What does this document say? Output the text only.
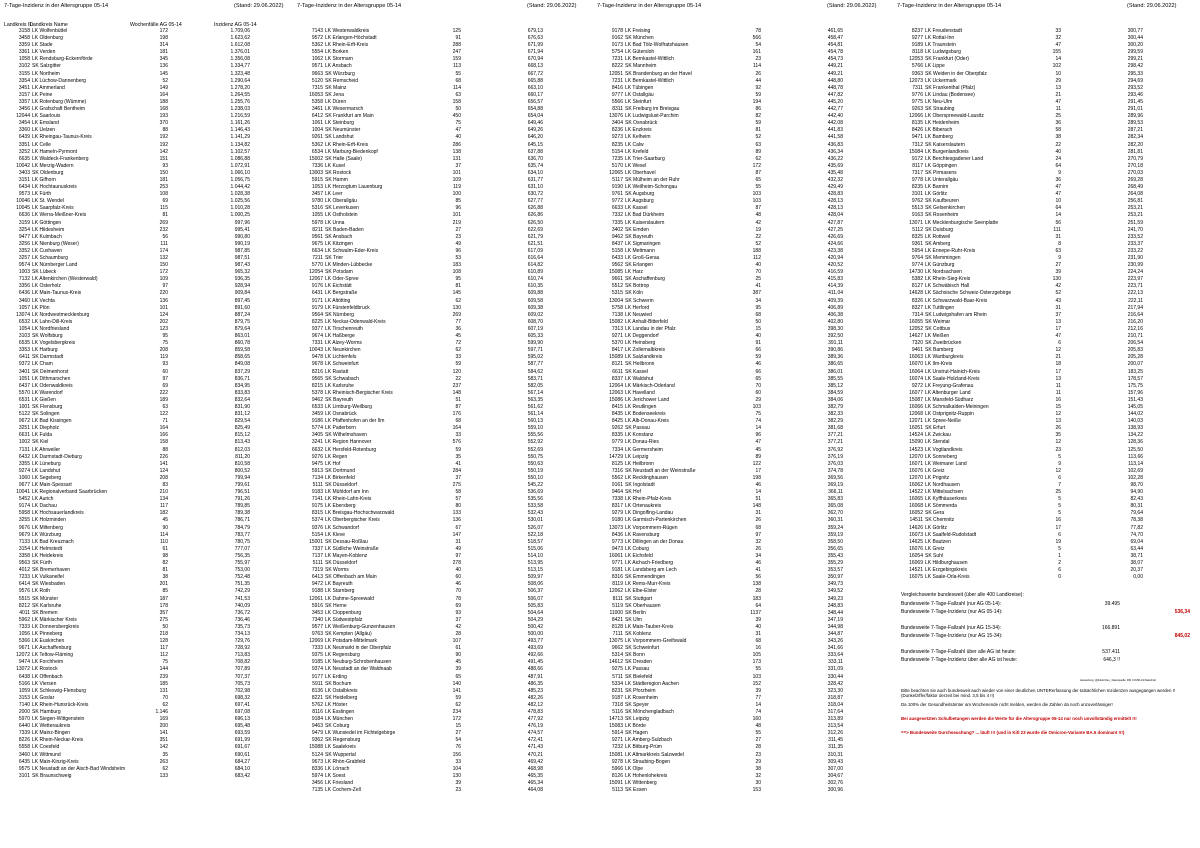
7-Tage-Inzidenz in der Altersgruppe 05-14	(Stand: 29.06.2022)
Landkreis ID
Landkreis Name	Wochenfälle AG 05-14	Inzidenz AG 05-14
3158 LK Wolfenbüttel	172	1.709,06
3458 LK Oldenburg	198	1.623,62
3359 LK Stade	314	1.612,08
3361 LK Verden	181	1.376,01
1058 LK Rendsburg-Eckernförde	345	1.356,08
3102 SK Salzgitter	136	1.334,77
3155 LK Northeim	145	1.323,48
3354 LK Lüchow-Dannenberg	52	1.290,64
3451 LK Ammerland	149	1.278,20
3157 LK Peine	164	1.264,55
3357 LK Rotenburg (Wümme)	188	1.255,76
3456 LK Grafschaft Bentheim	168	1.238,03
12044 LK Saarlouis	193	1.216,59
3454 LK Emsland	370	1.161,26
3360 LK Uelzen	88	1.146,43
6439 LK Rheingau-Taunus-Kreis	192	1.141,29
3351 LK Celle	192	1.134,82
3252 LK Hameln-Pyrmont	142	1.102,57
6635 LK Waldeck-Frankenberg	151	1.086,88
10042 LK Merzig-Wadern	93	1.072,91
3403 SK Oldenburg	150	1.066,10
3151 LK Gifhorn	181	1.056,75
6434 LK Hochtaunuskreis	253	1.044,42
9573 LK Fürth	108	1.028,38
10046 LK St. Wendel	69	1.025,56
10045 LK Saarpfalz-Kreis	115	1.010,28
6636 LK Werra-Meißner-Kreis	81	1.000,25
3159 LK Göttingen	269	997,96
3254 LK Hildesheim	232	995,41
9477 LK Kulmbach	56	990,80
3256 LK Nienburg (Weser)	111	990,19
3352 LK Cuxhaven	174	987,85
3257 LK Schaumburg	132	987,51
9574 LK Nürnberger Land	150	987,43
1003 SK Lübeck	172	965,32
7132 LK Altenkirchen (Westerwald)	109	936,35
3356 LK Osterholz	97	928,94
6436 LK Main-Taunus-Kreis	220	909,84
3460 LK Vechta	136	897,45
1057 LK Plön	101	891,60
13074 LK Nordwestmecklenburg	124	887,24
6532 LK Lahn-Dill-Kreis	202	879,75
1054 LK Nordfriesland	123	879,64
3103 SK Wolfsburg	95	863,01
6535 LK Vogelsbergkreis	75	860,78
3353 LK Harburg	208	859,58
6411 SK Darmstadt	119	858,65
9372 LK Cham	93	849,08
3401 SK Delmenhorst	60	837,29
1051 LK Dithmarschen	97	836,71
6437 LK Odenwaldkreis	69	834,95
5570 LK Warendorf	222	833,83
6531 LK Gießen	189	832,64
1001 SK Flensburg	63	831,90
5122 SK Solingen	122	831,12
9672 LK Bad Kissingen	71	829,54
3251 LK Diepholz	164	825,49
6631 LK Fulda	166	815,12
1002 SK Kiel	158	813,43
7131 LK Ahrweiler	88	812,03
6432 LK Darmstadt-Dieburg	226	811,20
3355 LK Lüneburg	141	810,58
9274 LK Landshut	124	800,52
1060 LK Segeberg	208	799,94
9677 LK Main-Spessart	83	799,61
10041 LK Regionalverband Saarbrücken	210	796,51
5452 LK Aurich	134	791,26
9174 LK Dachau	117	789,85
5958 LK Hochsauerlandkreis	182	789,38
3255 LK Holzminden	45	786,71
9676 LK Miltenberg	90	784,79
9679 LK Würzburg	114	783,77
7133 LK Bad Kreuznach	110	780,75
3154 LK Helmstedt	61	777,07
3358 LK Heidekreis	98	756,35
9563 SK Fürth	82	755,97
4012 SK Bremerhaven	81	753,00
7233 LK Vulkaneifel	38	752,48
6414 SK Wiesbaden	201	751,35
9576 LK Roth	85	742,29
5515 SK Münster	187	741,53
8212 SK Karlsruhe	178	740,09
4011 SK Bremen	357	736,72
5962 LK Märkischer Kreis	275	736,46
7333 LK Donnersbergkreis	50	735,73
1056 LK Pinneberg	218	734,13
5366 LK Euskirchen	128	729,76
9671 LK Aschaffenburg	117	728,92
12072 LK Teltow-Fläming	112	713,83
9474 LK Forchheim	75	708,82
13072 LK Rostock	144	707,89
6438 LK Offenbach	239	707,37
5166 LK Viersen	185	705,73
1059 LK Schleswig-Flensburg	131	702,98
3153 LK Goslar	70	698,32
7140 LK Rhein-Hunsrück-Kreis	62	697,41
2000 SK Hamburg	1.146	697,08
5970 LK Siegen-Wittgenstein	169	696,13
6440 LK Wetteraukreis	200	695,48
7339 LK Mainz-Bingen	141	693,59
8226 LK Rhein-Neckar-Kreis	351	691,99
5558 LK Coesfeld	142	691,67
3460 LK Wittmund	35	690,61
6435 LK Main-Kinzig-Kreis	263	684,27
9575 LK Neustadt an der Aisch-Bad Windsheim	62	684,10
3101 SK Braunschweig	133	683,42
7-Tage-Inzidenz in der Altersgruppe 05-14	(Stand: 29.06.2022)
7143 LK Westerwaldkreis	125	679,13
9572 LK Erlangen-Höchstadt	91	676,63
5362 LK Rhein-Erft-Kreis	288	671,99
5554 LK Borken	247	671,94
1062 LK Stormarn	159	670,94
9571 LK Ansbach	113	668,13
9663 SK Würzburg	55	667,72
5120 SK Remscheid	68	665,88
7315 SK Mainz	114	663,10
16053 SK Jena	63	660,17
5358 LK Düren	158	656,57
3461 LK Wesermarsch	50	654,88
6412 SK Frankfurt am Main	450	654,04
1061 LK Steinburg	75	649,46
1004 SK Neumünster	47	649,26
9261 SK Landshut	40	646,20
5362 LK Rhein-Erft-Kreis	286	645,15
6534 LK Marburg-Biedenkopf	138	637,88
15002 SK Halle (Saale)	131	636,70
7336 LK Kusel	37	635,74
13003 SK Rostock	101	634,10
5915 SK Hamm	109	631,77
1053 LK Herzogtum Lauenburg	119	631,10
3457 LK Leer	100	630,72
9780 LK Oberallgäu	85	627,77
5316 SK Leverkusen	96	626,88
1055 LK Ostholstein	101	626,86
5978 LK Unna	219	626,50
8211 SK Baden-Baden	27	622,69
9561 SK Ansbach	23	621,79
9675 LK Kitzingen	49	621,51
6634 LK Schwalm-Eder-Kreis	96	617,09
7211 SK Trier	53	616,64
5770 LK Minden-Lübbecke	183	614,82
12054 SK Potsdam	108	610,89
12067 LK Oder-Spree	95	610,74
9176 LK Eichstätt	81	610,35
6431 LK Bergstraße	145	609,88
9171 LK Altötting	62	609,58
9179 LK Fürstenfeldbruck	130	609,38
9564 SK Nürnberg	269	609,02
8225 LK Neckar-Odenwald-Kreis	77	608,70
9377 LK Tirschenreuth	36	607,19
9674 LK Haßberge	45	605,33
7331 LK Alzey-Worms	72	599,90
10043 LK Neunkirchen	62	597,71
9478 LK Lichtenfels	33	595,02
9678 LK Schweinfurt	59	587,77
8216 LK Rastatt	120	584,62
9565 SK Schwabach	22	583,71
8215 LK Karlsruhe	237	582,05
5378 LK Rheinisch-Bergischer Kreis	148	567,14
9462 SK Bayreuth	51	563,35
6533 LK Limburg-Weilburg	87	561,62
3459 LK Osnabrück	176	561,14
9186 LK Pfaffenhofen an der Ilm	68	560,13
5774 LK Paderborn	164	559,10
3405 SK Wilhelmshaven	33	555,56
3241 LK Region Hannover	576	552,92
6632 LK Hersfeld-Rotenburg	59	552,69
9276 LK Regen	35	550,75
9475 LK Hof	41	550,63
5913 SK Dortmund	284	550,19
7134 LK Birkenfeld	37	550,10
5111 SK Düsseldorf	275	545,22
9183 LK Mühldorf am Inn	58	536,69
7141 LK Rhein-Lahn-Kreis	57	535,56
9175 LK Ebersberg	80	533,58
8315 LK Breisgau-Hochschwarzwald	133	532,43
5374 LK Oberbergischer Kreis	136	530,01
9376 LK Schwandorf	67	526,07
5154 LK Kleve	147	522,18
15001 SK Dessau-Roßlau	31	518,57
7337 LK Südliche Weinstraße	49	515,06
7137 LK Mayen-Koblenz	97	514,10
5111 SK Düsseldorf	278	513,95
7319 SK Worms	40	513,15
6413 SK Offenbach am Main	60	509,97
9472 LK Bayreuth	46	508,06
9188 LK Starnberg	70	506,37
12061 LK Dahme-Spreewald	78	506,07
5916 SK Herne	69	505,83
3453 LK Cloppenburg	93	504,64
7340 LK Südwestpfalz	37	504,29
9577 LK Weißenburg-Gunzenhausen	42	500,42
9763 SK Kempten (Allgäu)	28	500,00
12069 LK Potsdam-Mittelmark	107	493,77
7333 LK Neumarkt in der Oberpfalz	61	493,69
9375 LK Regensburg	90	492,66
9185 LK Neuburg-Schrobenhausen	45	491,45
9374 LK Neustadt an der Waldnaab	39	488,66
9177 LK Erding	65	487,91
5911 SK Bochum	140	486,35
8136 LK Ostalbkreis	141	485,23
8221 SK Heidelberg	59	482,26
5762 LK Höxter	62	482,12
8116 LK Esslingen	234	478,83
9184 LK München	172	477,92
9463 SK Coburg	15	476,19
9479 LK Wunsiedel im Fichtelgebirge	27	474,57
9362 SK Regensburg	54	472,41
15088 LK Saalekreis	76	471,43
5124 SK Wuppertal	156	470,21
9673 LK Rhön-Grabfeld	33	469,42
8336 LK Lörrach	104	468,98
5974 LK Soest	130	465,35
3456 LK Friesland	39	465,34
7135 LK Cochem-Zell	23	464,08
7-Tage-Inzidenz in der Altersgruppe 05-14	(Stand: 29.06.2022)
9178 LK Freising	78	461,65
9162 SK München	566	458,47
9173 LK Bad Tölz-Wolfratshausen	54	454,81
5754 LK Gütersloh	161	454,78
7231 LK Bernkastel-Wittlich	23	454,73
8222 SK Mannheim	114	449,21
12051 SK Brandenburg an der Havel	26	449,21
7231 LK Bernkastel-Wittlich	44	448,80
8416 LK Tübingen	92	448,78
9777 LK Ostallgäu	59	447,82
5566 LK Steinfurt	194	445,20
8311 SK Freiburg im Breisgau	86	442,77
13076 LK Ludwigslust-Parchim	82	442,40
3404 SK Osnabrück	59	442,08
8236 LK Enzkreis	81	441,83
9273 LK Kelheim	52	441,58
8235 LK Calw	63	436,83
5154 LK Krefeld	89	436,34
7235 LK Trier-Saarburg	62	436,22
5170 LK Wesel	172	435,69
12065 LK Oberhavel	87	435,48
5117 SK Mülheim an der Ruhr	65	432,32
9190 LK Weilheim-Schongau	55	429,49
9761 SK Augsburg	103	428,83
9772 LK Augsburg	103	428,13
6633 LK Kassel	87	428,13
7332 LK Bad Dürkheim	48	428,04
7335 LK Kaiserslautern	42	427,87
3402 SK Emden	19	427,25
9462 SK Bayreuth	22	426,69
8437 LK Sigmaringen	52	424,66
5158 LK Mettmann	188	423,38
6433 LK Groß-Gerau	112	420,94
9562 SK Erlangen	40	420,52
15085 LK Harz	70	416,59
9661 SK Aschaffenburg	25	415,83
5512 SK Bottrop	41	414,39
5315 SK Köln	387	411,04
13004 SK Schwerin	34	409,39
5758 LK Herford	95	406,89
7138 LK Neuwied	68	406,38
15082 LK Anhalt-Bitterfeld	50	402,80
7313 LK Landau in der Pfalz	15	398,30
9271 LK Deggendorf	40	392,50
5370 LK Heinsberg	91	391,11
8417 LK Zollernalbkreis	66	390,86
15089 LK Salzlandkreis	59	389,36
8121 SK Heilbronn	46	386,65
6611 SK Kassel	66	386,01
8337 LK Waldshut	65	385,55
12064 LK Märkisch-Oderland	70	385,12
12063 LK Havelland	60	384,59
15086 LK Jerichower Land	29	384,06
8415 LK Reutlingen	103	382,79
8435 LK Bodenseekreis	75	382,33
8425 LK Alb-Donau-Kreis	74	382,29
9262 SK Passau	14	381,68
8335 LK Konstanz	96	377,21
9779 LK Donau-Ries	47	377,21
7334 LK Germersheim	45	376,92
14729 LK Leipzig	89	376,19
8125 LK Heilbronn	122	376,03
7316 SK Neustadt an der Weinstraße	17	374,78
5562 LK Recklinghausen	198	369,56
9161 SK Ingolstadt	46	369,19
9464 SK Hof	14	366,11
7338 LK Rhein-Pfalz-Kreis	51	365,83
8317 LK Ortenaukreis	148	365,08
9279 LK Dingolfing-Landau	31	362,70
9180 LK Garmisch-Partenkirchen	26	360,31
13073 LK Vorpommern-Rügen	68	359,24
8436 LK Ravensburg	97	359,19
9773 LK Dillingen an der Donau	32	358,50
9473 LK Coburg	26	356,65
16061 LK Eichsfeld	34	355,43
9771 LK Aichach-Friedberg	46	355,29
9181 LK Landsberg am Lech	41	353,57
8316 SK Emmendingen	56	350,97
8119 LK Rems-Murr-Kreis	138	349,73
12062 LK Elbe-Elster	28	349,52
8111 SK Stuttgart	183	349,23
5119 SK Oberhausen	64	348,83
11000 SK Berlin	1137	348,44
8421 SK Ulm	39	347,19
8128 LK Main-Tauber-Kreis	40	344,98
7111 SK Koblenz	31	344,87
13075 LK Vorpommern-Greifswald	68	343,26
9662 SK Schweinfurt	16	341,66
5314 SK Bonn	105	333,64
14612 SK Dresden	173	333,11
9275 LK Passau	55	331,09
5711 SK Bielefeld	103	330,44
5334 LK Städteregion Aachen	152	328,42
8231 SK Pforzheim	39	323,30
9187 LK Rosenheim	77	318,87
7318 SK Speyer	14	318,04
5116 SK Mönchengladbach	74	317,64
14713 SK Leipzig	160	313,89
15083 LK Börde	48	313,54
5914 SK Hagen	55	312,26
9271 LK Amberg-Sulzbach	27	311,45
7232 LK Bitburg-Prüm	28	311,35
15081 LK Altmarkkreis Salzwedel	23	310,31
9278 LK Straubing-Bogen	29	309,43
5966 LK Olpe	38	307,00
8126 LK Hohenlohekreis	32	304,67
15091 LK Wittenberg	30	302,76
5113 SK Essen	153	300,96
7-Tage-Inzidenz in der Altersgruppe 05-14	(Stand: 29.06.2022)
8237 LK Freudenstadt	33	300,77
9277 LK Rottal-Inn	32	300,44
9189 LK Traunstein	47	300,20
8118 LK Ludwigsburg	155	299,59
12053 SK Frankfurt (Oder)	14	299,21
5766 LK Lippe	102	298,42
9363 SK Weiden in der Oberpfalz	10	295,33
12073 LK Uckermark	29	294,69
7311 SK Frankenthal (Pfalz)	13	293,52
9776 LK Lindau (Bodensee)	21	293,46
9775 LK Neu-Ulm	47	291,45
9263 SK Straubing	11	291,01
12066 LK Oberspreewald-Lausitz	25	289,96
8135 LK Heidenheim	36	289,53
8426 LK Biberach	58	287,21
9471 LK Bamberg	38	282,34
7312 SK Kaiserslautern	22	282,20
15084 LK Burgenlandkreis	40	281,81
9172 LK Berchtesgadener Land	24	270,79
8117 LK Göppingen	64	270,18
7317 SK Pirmasens	9	270,03
9778 LK Unterallgäu	36	269,28
8235 LK Barnim	47	268,49
3101 LK Görlitz	47	264,08
9762 SK Kaufbeuren	10	256,81
5513 SK Gelsenkirchen	64	253,21
9163 SK Rosenheim	14	253,21
13071 LK Mecklenburgische Seenplatte	56	251,59
5112 SK Duisburg	111	241,70
8325 LK Rottweil	31	233,52
9361 SK Amberg	8	233,37
5954 LK Ennepe-Ruhr-Kreis	63	233,22
9764 SK Memmingen	9	231,90
9774 LK Günzburg	27	230,99
14730 LK Nordsachsen	39	224,24
5382 LK Rhein-Sieg-Kreis	130	223,97
8127 LK Schwäbisch Hall	42	223,71
14628 LK Sächsische Schweiz-Osterzgebirge	52	222,13
8326 LK Schwarzwald-Baar-Kreis	43	222,11
8327 LK Tuttlingen	31	217,94
7314 SK Ludwigshafen am Rhein	37	216,64
16055 SK Weimar	13	216,20
12052 SK Cottbus	17	212,16
14627 LK Meißen	47	210,71
7320 SK Zweibrücken	6	206,54
9461 SK Bamberg	12	205,83
16063 LK Wartburgkreis	21	205,28
16070 LK Ilm-Kreis	18	200,07
16064 LK Unstrut-Hainich-Kreis	17	183,25
16074 LK Saale-Holzland-Kreis	13	178,57
9272 LK Freyung-Grafenau	11	175,75
16077 LK Altenburger Land	11	157,96
15087 LK Mansfeld-Südharz	16	151,43
16066 LK Schmalkalden-Meiningen	15	145,05
12068 LK Ostprignitz-Ruppin	12	144,02
12071 LK Spree-Neiße	13	140,03
16051 SK Erfurt	26	138,93
14524 LK Zwickau	35	134,22
15090 LK Stendal	12	128,36
14523 LK Vogtlandkreis	23	125,50
12070 LK Sonneberg	5	113,66
16071 LK Weimarer Land	9	113,14
16076 LK Greiz	12	102,69
12070 LK Prignitz	6	102,28
16062 LK Nordhausen	7	98,70
14522 LK Mittelsachsen	25	94,90
16065 LK Kyffhäuserkreis	5	82,43
16068 LK Sömmerda	5	80,31
16052 SK Gera	5	79,64
14511 SK Chemnitz	16	78,38
14626 LK Görlitz	17	77,82
16073 LK Saalfeld-Rudolstadt	6	74,70
14625 LK Bautzen	19	69,04
16076 LK Greiz	5	63,44
16054 SK Suhl	1	38,71
16069 LK Hildburghausen	2	38,07
14521 LK Erzgebirgskreis	6	20,37
16075 LK Saale-Orla-Kreis	0	0,00
Vergleichswerte bundesweit (über alle 400 Landkreise):
Bundesweite 7-Tage-Fallzahl (nur AG 05-14):	39.495
Bundesweite 7-Tage-Inzidenz (nur AG 05-14):	536,34
Bundesweite 7-Tage-Fallzahl (nur AG 15-34):	166.891
Bundesweite 7-Tage-Inzidenz (nur AG 15-34):	845,02
Bundesweite 7-Tage-Fallzahl über alle AG ist heute:	537.411
Bundesweite 7-Tage-Inzidenz über alle AG ist heute:	646,3 !!
Auswertung: @doktorfrau_ Datenquelle: RKI COVID-19 Datenhub
Bitte beachten sie auch bundesweit auch wieder von einer deutlichen UNTERerfassung der tatsächlichen Inzidenzen ausgegangen werden !! (Dunkelziffer/faktor derzeit bei mind. 3,5 bis 4 !!)
Da 100% der Gesundheitsämter am Wochenende nicht melden, werden die Zahlen da noch unzuverlässiger!
Bei ausgesetzten Schulbetungen werden die Werte für die Altersgruppe 05-14 nur noch unvollständig ermittelt !!!
==> Bundesweite Durchseuchung? ... läuft !!! (und in Kitl 23 wurde die Omicron-Variante BA.5 dominant !!!)
